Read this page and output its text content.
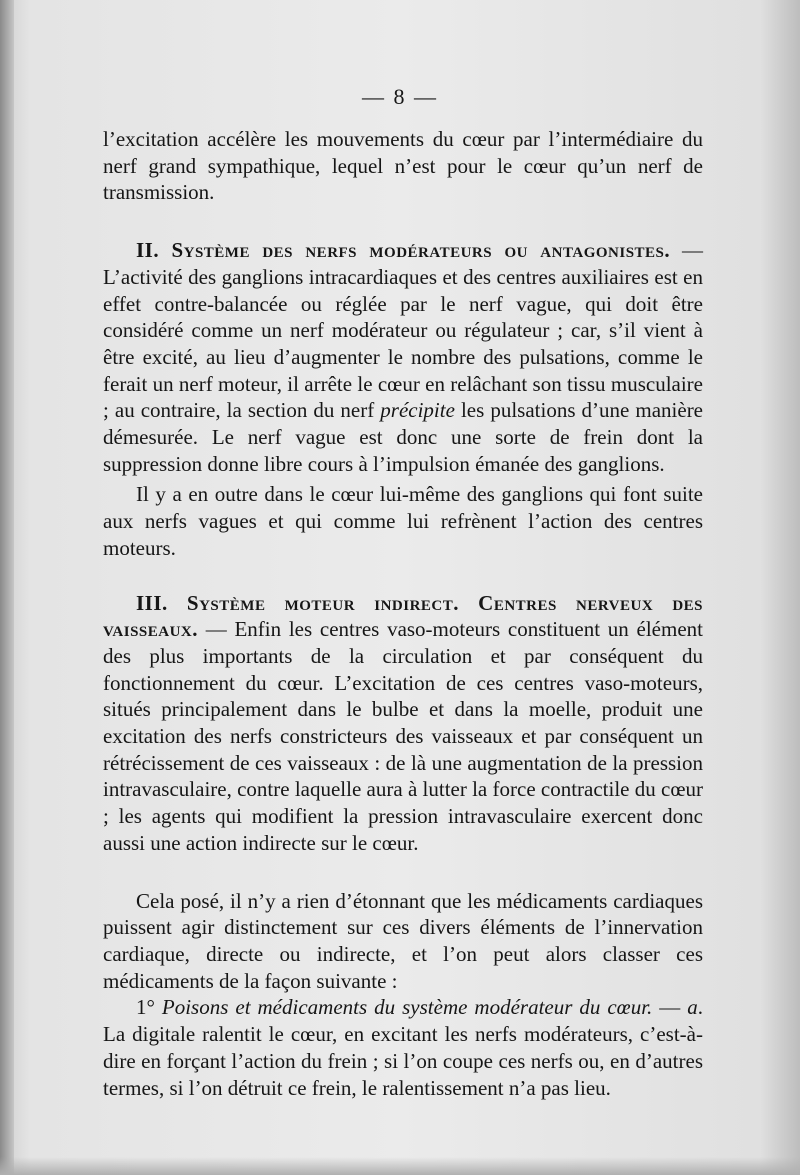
— 8 —

l’excitation accélère les mouvements du cœur par l’intermédiaire du nerf grand sympathique, lequel n’est pour le cœur qu’un nerf de transmission.

II. Système des nerfs modérateurs ou antagonistes. — L’activité des ganglions intracardiaques et des centres auxiliaires est en effet contre-balancée ou réglée par le nerf vague, qui doit être considéré comme un nerf modérateur ou régulateur ; car, s’il vient à être excité, au lieu d’augmenter le nombre des pulsations, comme le ferait un nerf moteur, il arrête le cœur en relâchant son tissu musculaire ; au contraire, la section du nerf précipite les pulsations d’une manière démesurée. Le nerf vague est donc une sorte de frein dont la suppression donne libre cours à l’impulsion émanée des ganglions.

Il y a en outre dans le cœur lui-même des ganglions qui font suite aux nerfs vagues et qui comme lui refrènent l’action des centres moteurs.

III. Système moteur indirect. Centres nerveux des vaisseaux. — Enfin les centres vaso-moteurs constituent un élément des plus importants de la circulation et par conséquent du fonctionnement du cœur. L’excitation de ces centres vaso-moteurs, situés principalement dans le bulbe et dans la moelle, produit une excitation des nerfs constricteurs des vaisseaux et par conséquent un rétrécissement de ces vaisseaux : de là une augmentation de la pression intravasculaire, contre laquelle aura à lutter la force contractile du cœur ; les agents qui modifient la pression intravasculaire exercent donc aussi une action indirecte sur le cœur.

Cela posé, il n’y a rien d’étonnant que les médicaments cardiaques puissent agir distinctement sur ces divers éléments de l’innervation cardiaque, directe ou indirecte, et l’on peut alors classer ces médicaments de la façon suivante :

1° Poisons et médicaments du système modérateur du cœur. — a. La digitale ralentit le cœur, en excitant les nerfs modérateurs, c’est-à-dire en forçant l’action du frein ; si l’on coupe ces nerfs ou, en d’autres termes, si l’on détruit ce frein, le ralentissement n’a pas lieu.
